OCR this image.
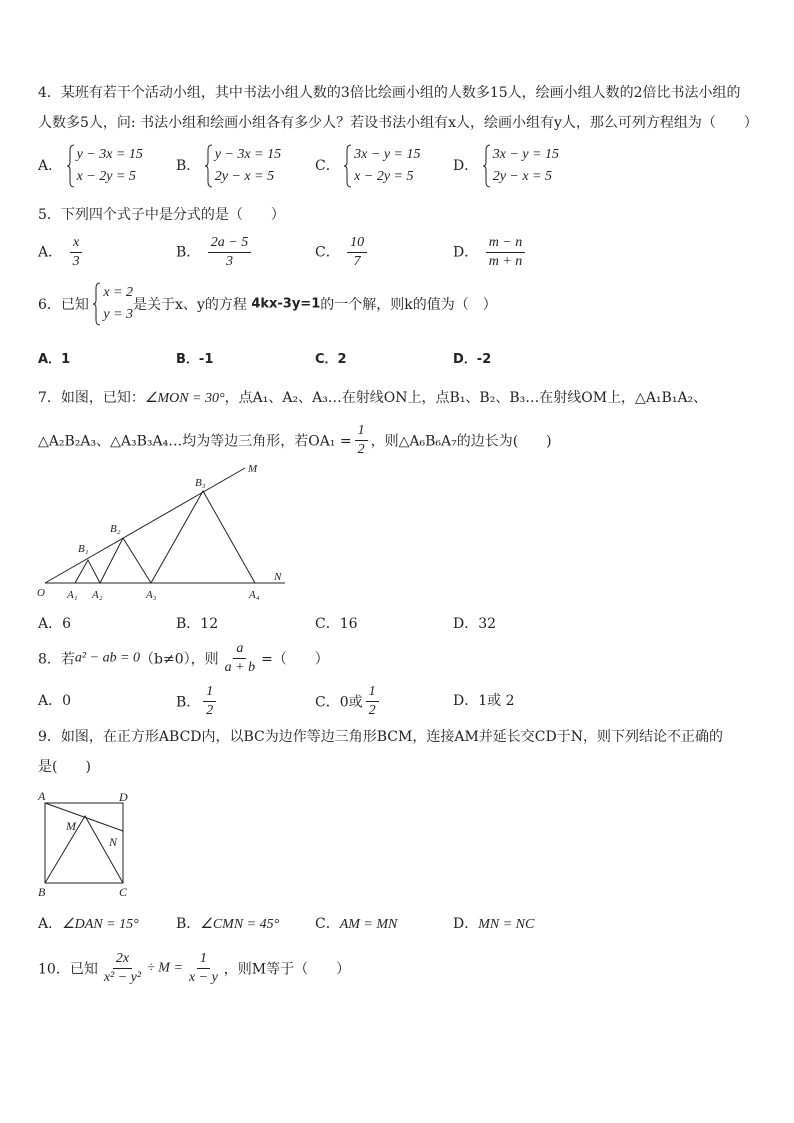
4．某班有若干个活动小组，其中书法小组人数的3倍比绘画小组的人数多15人，绘画小组人数的2倍比书法小组的
人数多5人，问: 书法小组和绘画小组各有多少人？若设书法小组有x人，绘画小组有y人，那么可列方程组为（　　）
A．
y − 3x = 15
x − 2y = 5
B．
y − 3x = 15
2y − x = 5
C．
3x − y = 15
x − 2y = 5
D．
3x − y = 15
2y − x = 5
5．下列四个式子中是分式的是（　　）
A． $\frac{x}{3}$	B． $\frac{2a - 5}{3}$	C． $\frac{10}{7}$	D． $\frac{m - n}{m + n}$
6．已知
x = 2
y = 3
是关于x、y的方程 4kx-3y=1的一个解，则k的值为（　）
A．1	B．-1	C．2	D．-2
7．如图，已知：∠MON = 30°，点A₁、A₂、A₃…在射线ON上，点B₁、B₂、B₃…在射线OM上，△A₁B₁A₂、
△A₂B₂A₃、△A₃B₃A₄…均为等边三角形，若$OA_1 = \frac{1}{2}$ ，则△A₆B₆A₇的边长为(　　)
O A₁ A₂	A₃	A₄
B₁
B₂
B₃
M
N
A．6	B．12	C．16	D．32
8．若a² − ab = 0（b≠0），则 $\frac{a}{a + b}$ =（　　）
A．0	B． $\frac{1}{2}$	C．0或 $\frac{1}{2}$	D．1或 2
9．如图，在正方形ABCD内，以BC为边作等边三角形BCM，连接AM并延长交CD于N，则下列结论不正确的
是(　　)
A	D
M
N
B	C
A．∠DAN = 15°	B．∠CMN = 45°	C．AM = MN	D．MN = NC
10．已知 $\frac{2x}{\text{x² − y²}} \div M = \frac{1}{x - y}$ ，则M等于（　　）
